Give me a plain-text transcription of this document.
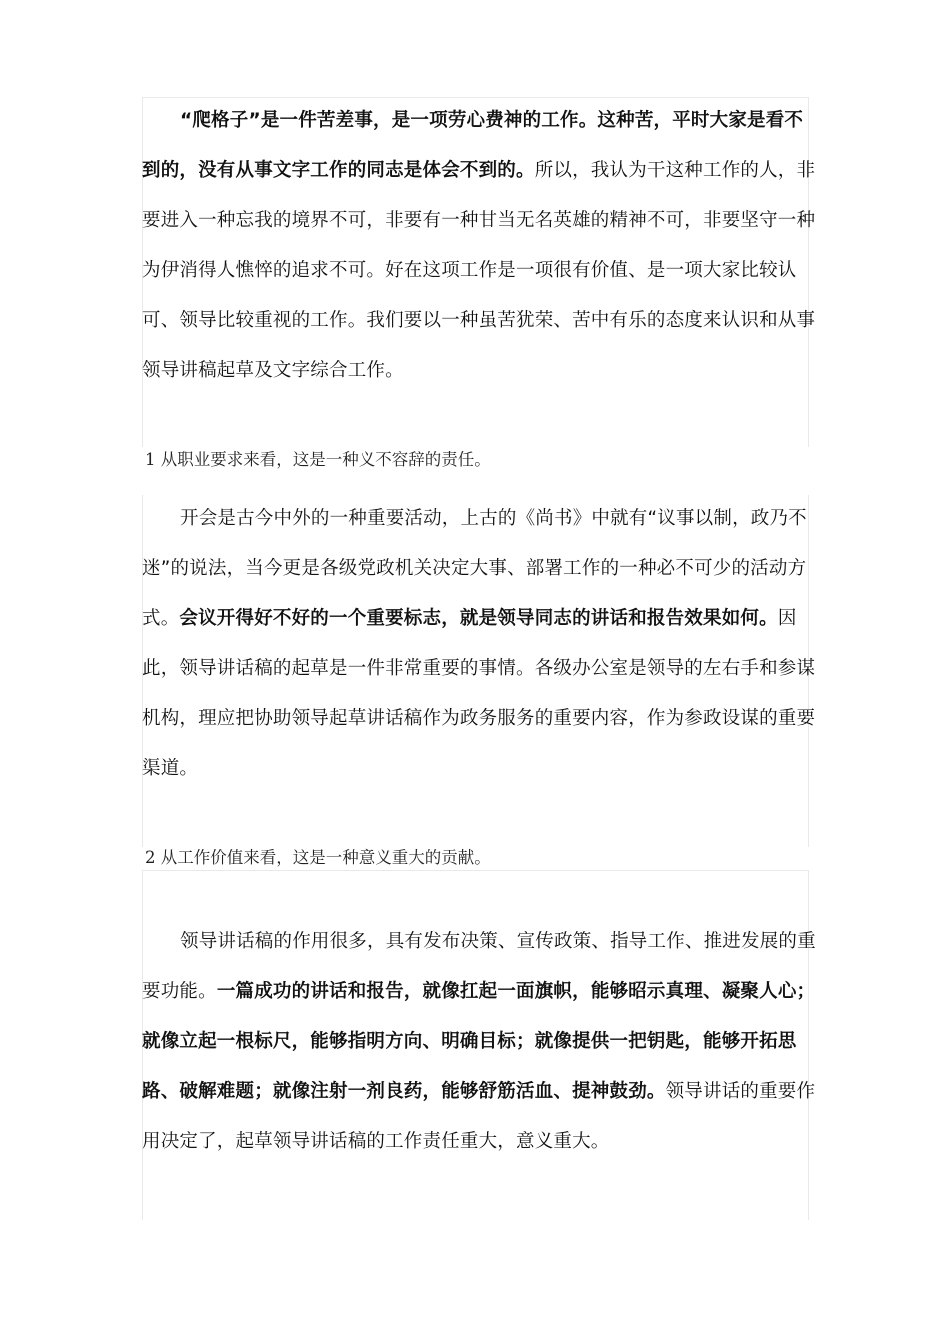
“爬格子”是一件苦差事，是一项劳心费神的工作。这种苦，平时大家是看不到的，没有从事文字工作的同志是体会不到的。所以，我认为干这种工作的人，非要进入一种忘我的境界不可，非要有一种甘当无名英雄的精神不可，非要坚守一种为伊消得人憔悴的追求不可。好在这项工作是一项很有价值、是一项大家比较认可、领导比较重视的工作。我们要以一种虽苦犹荣、苦中有乐的态度来认识和从事领导讲稿起草及文字综合工作。

1 从职业要求来看，这是一种义不容辞的责任。

开会是古今中外的一种重要活动，上古的《尚书》中就有“议事以制，政乃不迷”的说法，当今更是各级党政机关决定大事、部署工作的一种必不可少的活动方式。会议开得好不好的一个重要标志，就是领导同志的讲话和报告效果如何。因此，领导讲话稿的起草是一件非常重要的事情。各级办公室是领导的左右手和参谋机构，理应把协助领导起草讲话稿作为政务服务的重要内容，作为参政设谋的重要渠道。

2 从工作价值来看，这是一种意义重大的贡献。

领导讲话稿的作用很多，具有发布决策、宣传政策、指导工作、推进发展的重要功能。一篇成功的讲话和报告，就像扛起一面旗帜，能够昭示真理、凝聚人心；就像立起一根标尺，能够指明方向、明确目标；就像提供一把钥匙，能够开拓思路、破解难题；就像注射一剂良药，能够舒筋活血、提神鼓劲。领导讲话的重要作用决定了，起草领导讲话稿的工作责任重大，意义重大。
